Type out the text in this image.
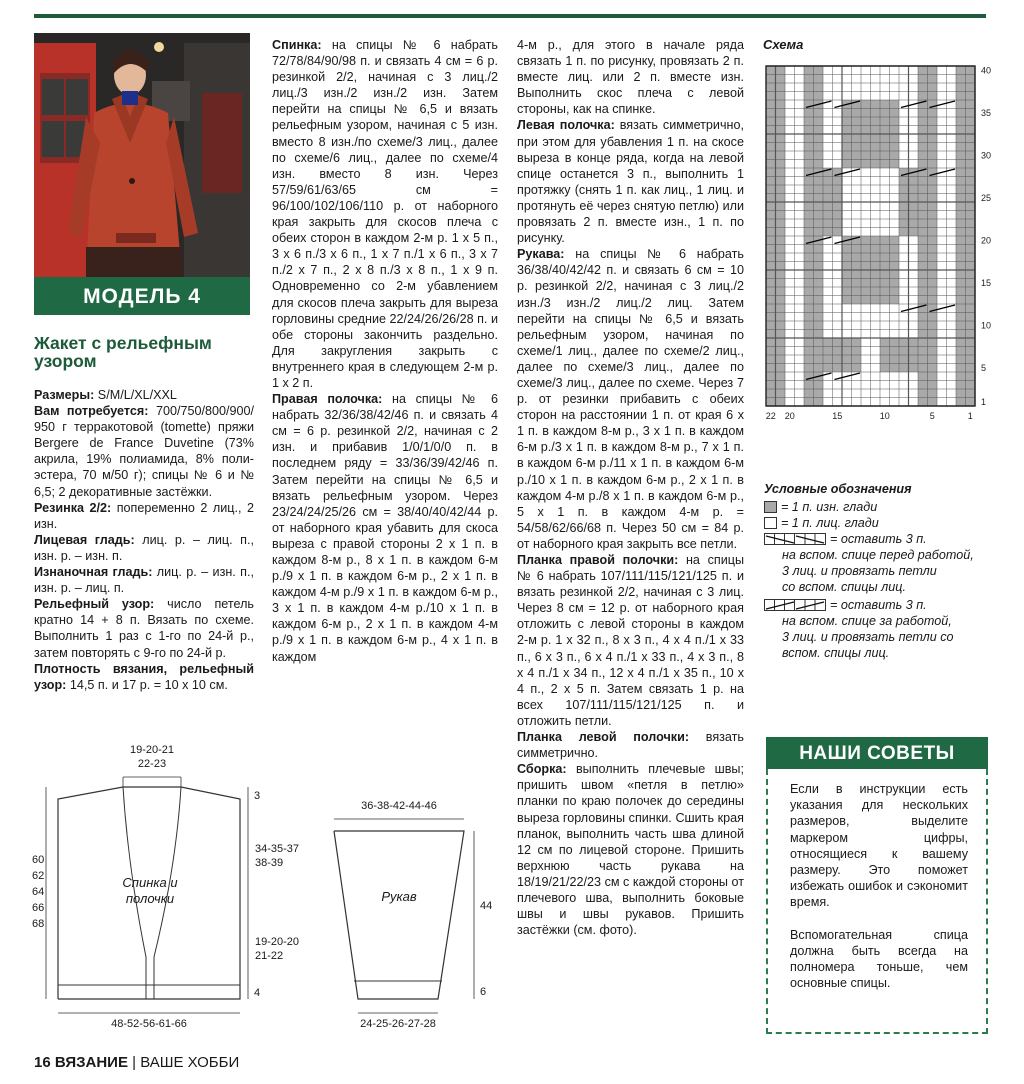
МОДЕЛЬ 4
Жакет с рельефным узором

Размеры: S/M/L/XL/XXL

Вам потребуется: 700/750/800/900/ 950 г терракотовой (tomette) пряжи Bergere de France Duvetine (73% акрила, 19% полиамида, 8% поли-эстера, 70 м/50 г); спицы № 6 и № 6,5; 2 декоративные застёжки.

Резинка 2/2: попеременно 2 лиц., 2 изн.

Лицевая гладь: лиц. р. – лиц. п., изн. р. – изн. п.

Изнаночная гладь: лиц. р. – изн. п., изн. р. – лиц. п.

Рельефный узор: число петель кратно 14 + 8 п. Вязать по схеме. Выполнить 1 раз с 1-го по 24-й р., затем повторять с 9-го по 24-й р.

Плотность вязания, рельефный узор: 14,5 п. и 17 р. = 10 х 10 см.

Спинка: на спицы № 6 набрать 72/78/84/90/98 п. и связать 4 см = 6 р. резинкой 2/2, начиная с 3 лиц./2 лиц./3 изн./2 изн./2 изн. Затем перейти на спицы № 6,5 и вязать рельефным узором, начиная с 5 изн. вместо 8 изн./по схеме/3 лиц., далее по схеме/6 лиц., далее по схеме/4 изн. вместо 8 изн. Через 57/59/61/63/65 см = 96/100/102/106/110 р. от наборного края закрыть для скосов плеча с обеих сторон в каждом 2-м р. 1 х 5 п., 3 х 6 п./3 х 6 п., 1 х 7 п./1 х 6 п., 3 х 7 п./2 х 7 п., 2 х 8 п./3 х 8 п., 1 х 9 п. Одновременно со 2-м убавлением для скосов плеча закрыть для выреза горловины средние 22/24/26/26/28 п. и обе стороны закончить раздельно. Для закругления закрыть с внутреннего края в следующем 2-м р. 1 х 2 п.

Правая полочка: на спицы № 6 набрать 32/36/38/42/46 п. и связать 4 см = 6 р. резинкой 2/2, начиная с 2 изн. и прибавив 1/0/1/0/0 п. в последнем ряду = 33/36/39/42/46 п. Затем перейти на спицы № 6,5 и вязать рельефным узором. Через 23/24/24/25/26 см = 38/40/40/42/44 р. от наборного края убавить для скоса выреза с правой стороны 2 х 1 п. в каждом 8-м р., 8 х 1 п. в каждом 6-м р./9 х 1 п. в каждом 6-м р., 2 х 1 п. в каждом 4-м р./9 х 1 п. в каждом 6-м р., 3 х 1 п. в каждом 4-м р./10 х 1 п. в каждом 6-м р., 2 х 1 п. в каждом 4-м р./9 х 1 п. в каждом 6-м р., 4 х 1 п. в каждом

4-м р., для этого в начале ряда связать 1 п. по рисунку, провязать 2 п. вместе лиц. или 2 п. вместе изн. Выполнить скос плеча с левой стороны, как на спинке.

Левая полочка: вязать симметрично, при этом для убавления 1 п. на скосе выреза в конце ряда, когда на левой спице останется 3 п., выполнить 1 протяжку (снять 1 п. как лиц., 1 лиц. и протянуть её через снятую петлю) или провязать 2 п. вместе изн., 1 п. по рисунку.

Рукава: на спицы № 6 набрать 36/38/40/42/42 п. и связать 6 см = 10 р. резинкой 2/2, начиная с 3 лиц./2 изн./3 изн./2 лиц./2 лиц. Затем перейти на спицы № 6,5 и вязать рельефным узором, начиная по схеме/1 лиц., далее по схеме/2 лиц., далее по схеме/3 лиц., далее по схеме/3 лиц., далее по схеме. Через 7 р. от резинки прибавить с обеих сторон на расстоянии 1 п. от края 6 х 1 п. в каждом 8-м р., 3 х 1 п. в каждом 6-м р./3 х 1 п. в каждом 8-м р., 7 х 1 п. в каждом 6-м р./11 х 1 п. в каждом 6-м р./10 х 1 п. в каждом 6-м р., 2 х 1 п. в каждом 4-м р./8 х 1 п. в каждом 6-м р., 5 х 1 п. в каждом 4-м р. = 54/58/62/66/68 п. Через 50 см = 84 р. от наборного края закрыть все петли.

Планка правой полочки: на спицы № 6 набрать 107/111/115/121/125 п. и вязать резинкой 2/2, начиная с 3 лиц. Через 8 см = 12 р. от наборного края отложить с левой стороны в каждом 2-м р. 1 х 32 п., 8 х 3 п., 4 х 4 п./1 х 33 п., 6 х 3 п., 6 х 4 п./1 х 33 п., 4 х 3 п., 8 х 4 п./1 х 34 п., 12 х 4 п./1 х 35 п., 10 х 4 п., 2 х 5 п. Затем связать 1 р. на всех 107/111/115/121/125 п. и отложить петли.

Планка левой полочки: вязать симметрично.

Сборка: выполнить плечевые швы; пришить швом «петля в петлю» планки по краю полочек до середины выреза горловины спинки. Сшить края планок, выполнить часть шва длиной 12 см по лицевой стороне. Пришить верхнюю часть рукава на 18/19/21/22/23 см с каждой стороны от плечевого шва, выполнить боковые швы и швы рукавов. Пришить застёжки (см. фото).

Схема
40
35
30
25
20
15
10
5
1
22 20	15	10	5	1
Условные обозначения
= 1 п. изн. глади
= 1 п. лиц. глади
= оставить 3 п.
на вспом. спице перед работой,
3 лиц. и провязать петли
со вспом. спицы лиц.
= оставить 3 п.
на вспом. спице за работой,
3 лиц. и провязать петли со
вспом. спицы лиц.
НАШИ СОВЕТЫ

Если в инструкции есть указания для нескольких размеров, выделите маркером цифры, относящиеся к вашему размеру. Это поможет избежать ошибок и сэкономит время.

Вспомогательная спица должна быть всегда на полномера тоньше, чем основные спицы.

19-20-21
22-23
3
34-35-37
38-39
19-20-20
21-22
4
60
62
64
66
68
Спинка и
полочки
48-52-56-61-66
36-38-42-44-46
Рукав
44
6
24-25-26-27-28
16 ВЯЗАНИЕ | ВАШЕ ХОББИ
